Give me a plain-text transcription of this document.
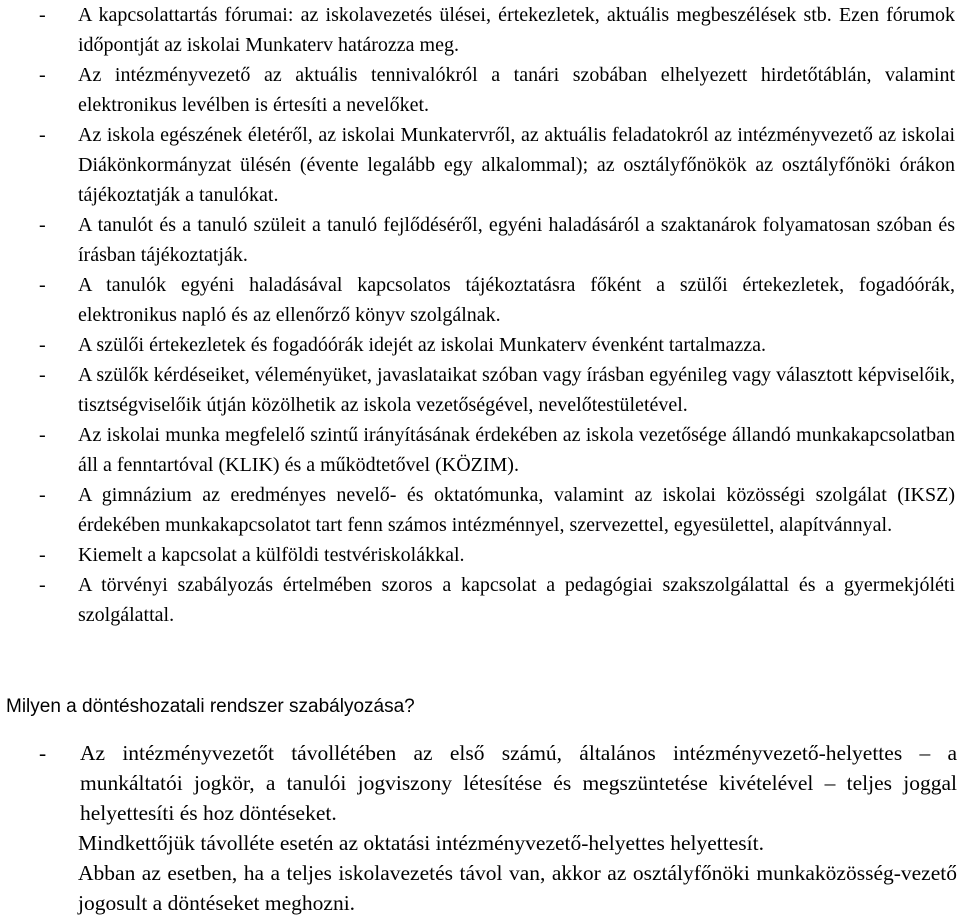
- A kapcsolattartás fórumai: az iskolavezetés ülései, értekezletek, aktuális megbeszélések stb. Ezen fórumok időpontját az iskolai Munkaterv határozza meg.
- Az intézményvezető az aktuális tennivalókról a tanári szobában elhelyezett hirdetőtáblán, valamint elektronikus levélben is értesíti a nevelőket.
- Az iskola egészének életéről, az iskolai Munkatervről, az aktuális feladatokról az intézményvezető az iskolai Diákönkormányzat ülésén (évente legalább egy alkalommal); az osztályfőnökök az osztályfőnöki órákon tájékoztatják a tanulókat.
- A tanulót és a tanuló szüleit a tanuló fejlődéséről, egyéni haladásáról a szaktanárok folyamatosan szóban és írásban tájékoztatják.
- A tanulók egyéni haladásával kapcsolatos tájékoztatásra főként a szülői értekezletek, fogadóórák, elektronikus napló és az ellenőrző könyv szolgálnak.
- A szülői értekezletek és fogadóórák idejét az iskolai Munkaterv évenként tartalmazza.
- A szülők kérdéseiket, véleményüket, javaslataikat szóban vagy írásban egyénileg vagy választott képviselőik, tisztségviselőik útján közölhetik az iskola vezetőségével, nevelőtestületével.
- Az iskolai munka megfelelő szintű irányításának érdekében az iskola vezetősége állandó munkakapcsolatban áll a fenntartóval (KLIK) és a működtetővel (KÖZIM).
- A gimnázium az eredményes nevelő- és oktatómunka, valamint az iskolai közösségi szolgálat (IKSZ) érdekében munkakapcsolatot tart fenn számos intézménnyel, szervezettel, egyesülettel, alapítvánnyal.
- Kiemelt a kapcsolat a külföldi testvériskolákkal.
- A törvényi szabályozás értelmében szoros a kapcsolat a pedagógiai szakszolgálattal és a gyermekjóléti szolgálattal.
Milyen a döntéshozatali rendszer szabályozása?
- Az intézményvezetőt távollétében az első számú, általános intézményvezető-helyettes – a munkáltatói jogkör, a tanulói jogviszony létesítése és megszüntetése kivételével – teljes joggal helyettesíti és hoz döntéseket.
Mindkettőjük távolléte esetén az oktatási intézményvezető-helyettes helyettesít.
Abban az esetben, ha a teljes iskolavezetés távol van, akkor az osztályfőnöki munkaközösség-vezető jogosult a döntéseket meghozni.
